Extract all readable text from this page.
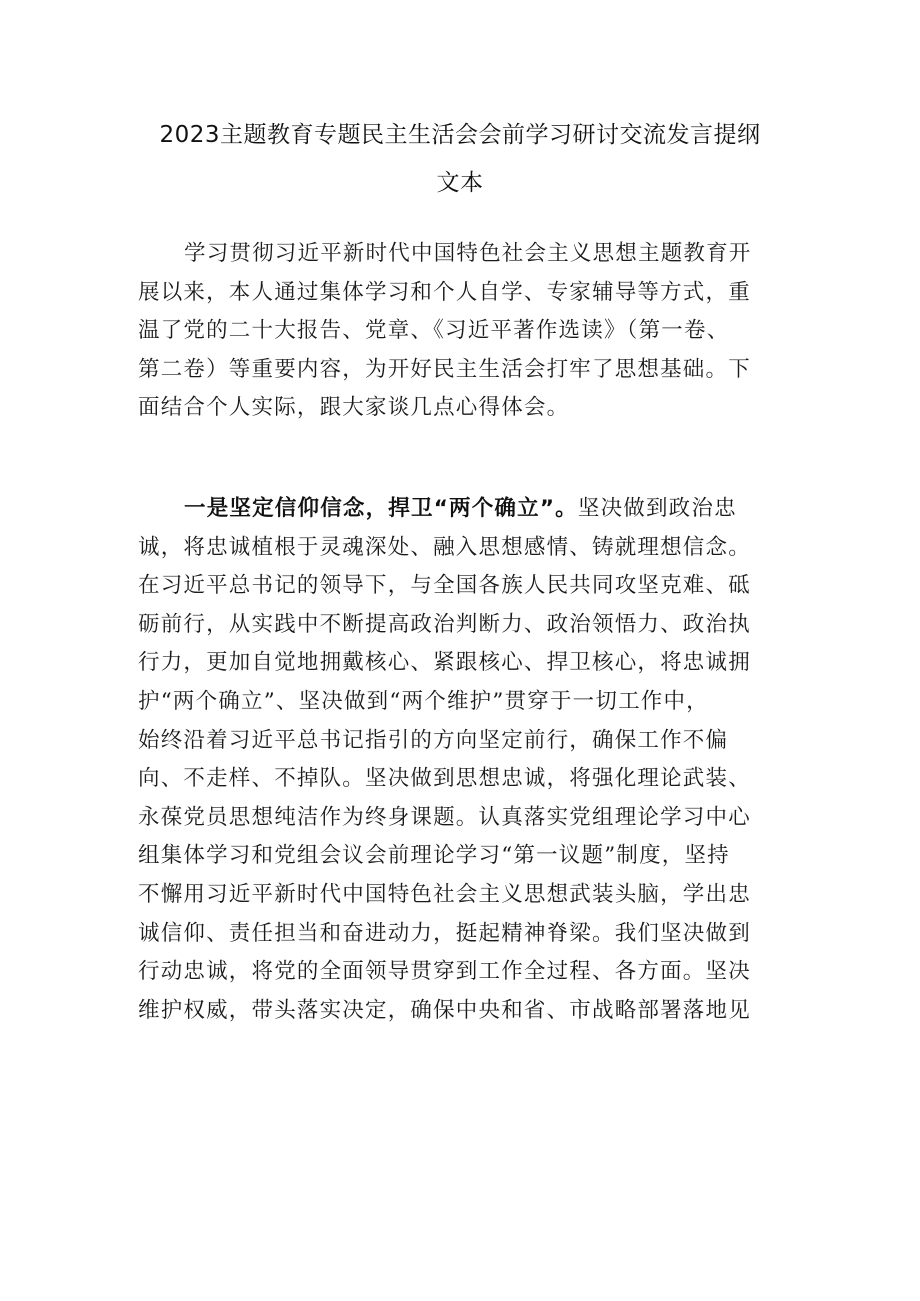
2023主题教育专题民主生活会会前学习研讨交流发言提纲
文本
学习贯彻习近平新时代中国特色社会主义思想主题教育开
展以来，本人通过集体学习和个人自学、专家辅导等方式，重
温了党的二十大报告、党章、《习近平著作选读》（第一卷、
第二卷）等重要内容，为开好民主生活会打牢了思想基础。下
面结合个人实际，跟大家谈几点心得体会。
一是坚定信仰信念，捍卫“两个确立”。坚决做到政治忠
诚，将忠诚植根于灵魂深处、融入思想感情、铸就理想信念。
在习近平总书记的领导下，与全国各族人民共同攻坚克难、砥
砺前行，从实践中不断提高政治判断力、政治领悟力、政治执
行力，更加自觉地拥戴核心、紧跟核心、捍卫核心，将忠诚拥
护“两个确立”、坚决做到“两个维护”贯穿于一切工作中，
始终沿着习近平总书记指引的方向坚定前行，确保工作不偏
向、不走样、不掉队。坚决做到思想忠诚，将强化理论武装、
永葆党员思想纯洁作为终身课题。认真落实党组理论学习中心
组集体学习和党组会议会前理论学习“第一议题”制度，坚持
不懈用习近平新时代中国特色社会主义思想武装头脑，学出忠
诚信仰、责任担当和奋进动力，挺起精神脊梁。我们坚决做到
行动忠诚，将党的全面领导贯穿到工作全过程、各方面。坚决
维护权威，带头落实决定，确保中央和省、市战略部署落地见
